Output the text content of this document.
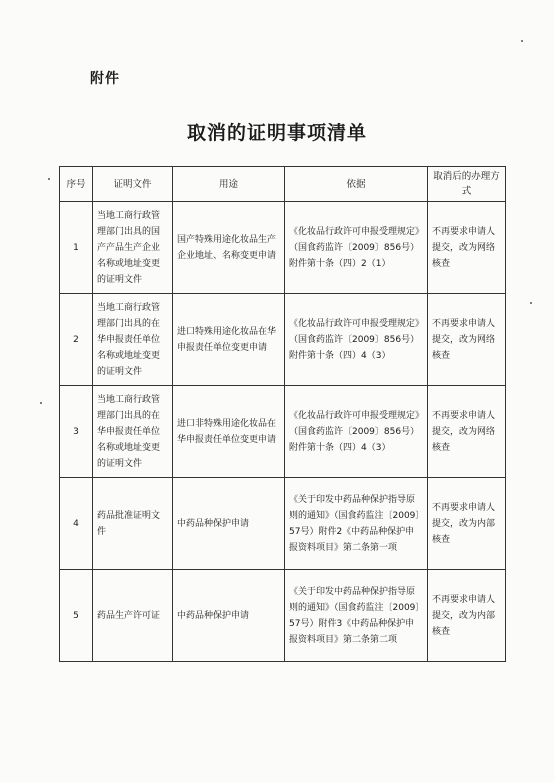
附件
取消的证明事项清单
序号	证明文件	用途	依据	取消后的办理方式
1	当地工商行政管理部门出具的国产产品生产企业名称或地址变更的证明文件	国产特殊用途化妆品生产企业地址、名称变更申请	《化妆品行政许可申报受理规定》（国食药监许〔2009〕856号）附件第十条（四）2（1）	不再要求申请人提交，改为网络核查
2	当地工商行政管理部门出具的在华申报责任单位名称或地址变更的证明文件	进口特殊用途化妆品在华申报责任单位变更申请	《化妆品行政许可申报受理规定》（国食药监许〔2009〕856号）附件第十条（四）4（3）	不再要求申请人提交，改为网络核查
3	当地工商行政管理部门出具的在华申报责任单位名称或地址变更的证明文件	进口非特殊用途化妆品在华申报责任单位变更申请	《化妆品行政许可申报受理规定》（国食药监许〔2009〕856号）附件第十条（四）4（3）	不再要求申请人提交，改为网络核查
4	药品批准证明文件	中药品种保护申请	《关于印发中药品种保护指导原则的通知》（国食药监注〔2009〕57号）附件2《中药品种保护申报资料项目》第二条第一项	不再要求申请人提交，改为内部核查
5	药品生产许可证	中药品种保护申请	《关于印发中药品种保护指导原则的通知》（国食药监注〔2009〕57号）附件3《中药品种保护申报资料项目》第二条第二项	不再要求申请人提交，改为内部核查
